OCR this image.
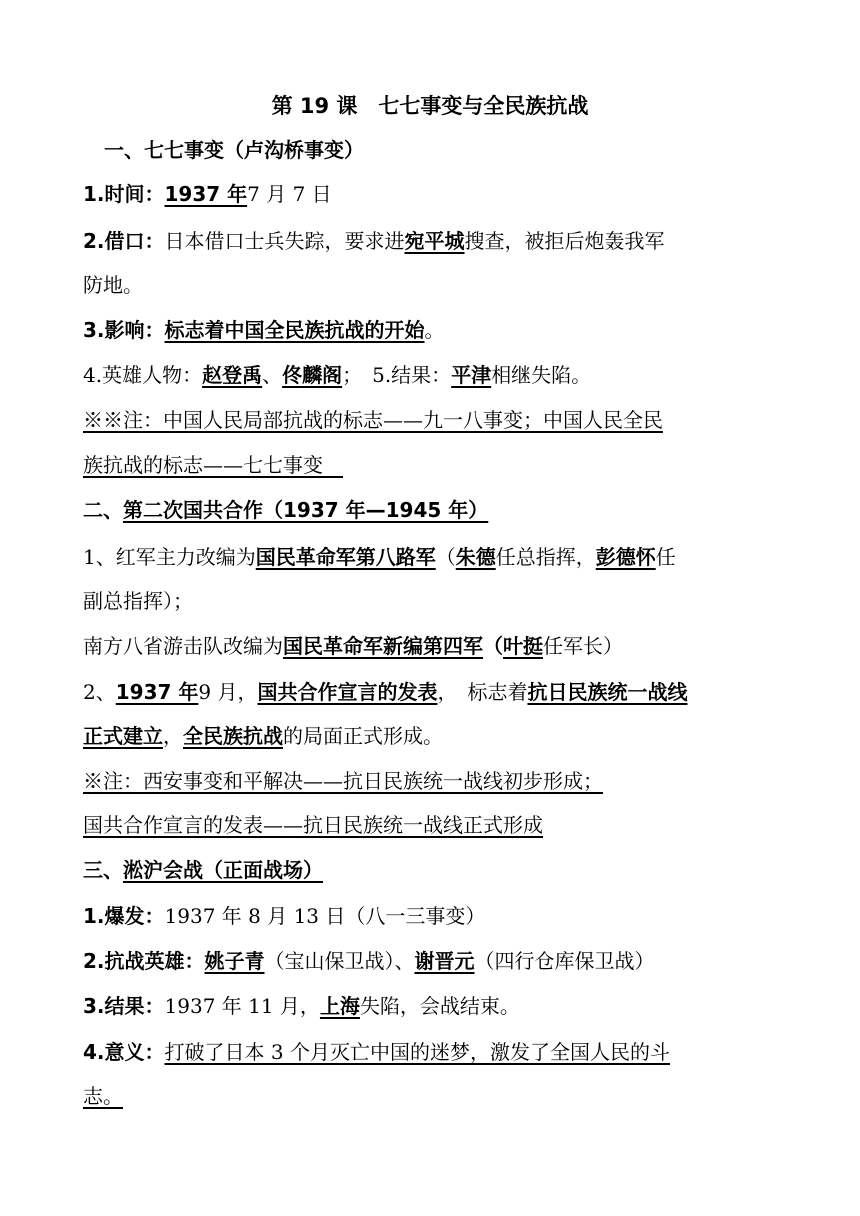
第 19 课　七七事变与全民族抗战
一、七七事变（卢沟桥事变）
1.时间：1937 年7 月 7 日
2.借口：日本借口士兵失踪，要求进宛平城搜查，被拒后炮轰我军
防地。
3.影响：标志着中国全民族抗战的开始。
4.英雄人物：赵登禹、佟麟阁；　5.结果：平津相继失陷。
※※注：中国人民局部抗战的标志——九一八事变；中国人民全民
族抗战的标志——七七事变　
二、第二次国共合作（1937 年—1945 年）
1、红军主力改编为国民革命军第八路军（朱德任总指挥，彭德怀任
副总指挥）；
南方八省游击队改编为国民革命军新编第四军（叶挺任军长）
2、1937 年9 月，国共合作宣言的发表，　标志着抗日民族统一战线
正式建立，全民族抗战的局面正式形成。
※注：西安事变和平解决——抗日民族统一战线初步形成；
国共合作宣言的发表——抗日民族统一战线正式形成
三、淞沪会战（正面战场）
1.爆发：1937 年 8 月 13 日（八一三事变）
2.抗战英雄：姚子青（宝山保卫战）、谢晋元（四行仓库保卫战）
3.结果：1937 年 11 月，上海失陷，会战结束。
4.意义：打破了日本 3 个月灭亡中国的迷梦，激发了全国人民的斗
志。
